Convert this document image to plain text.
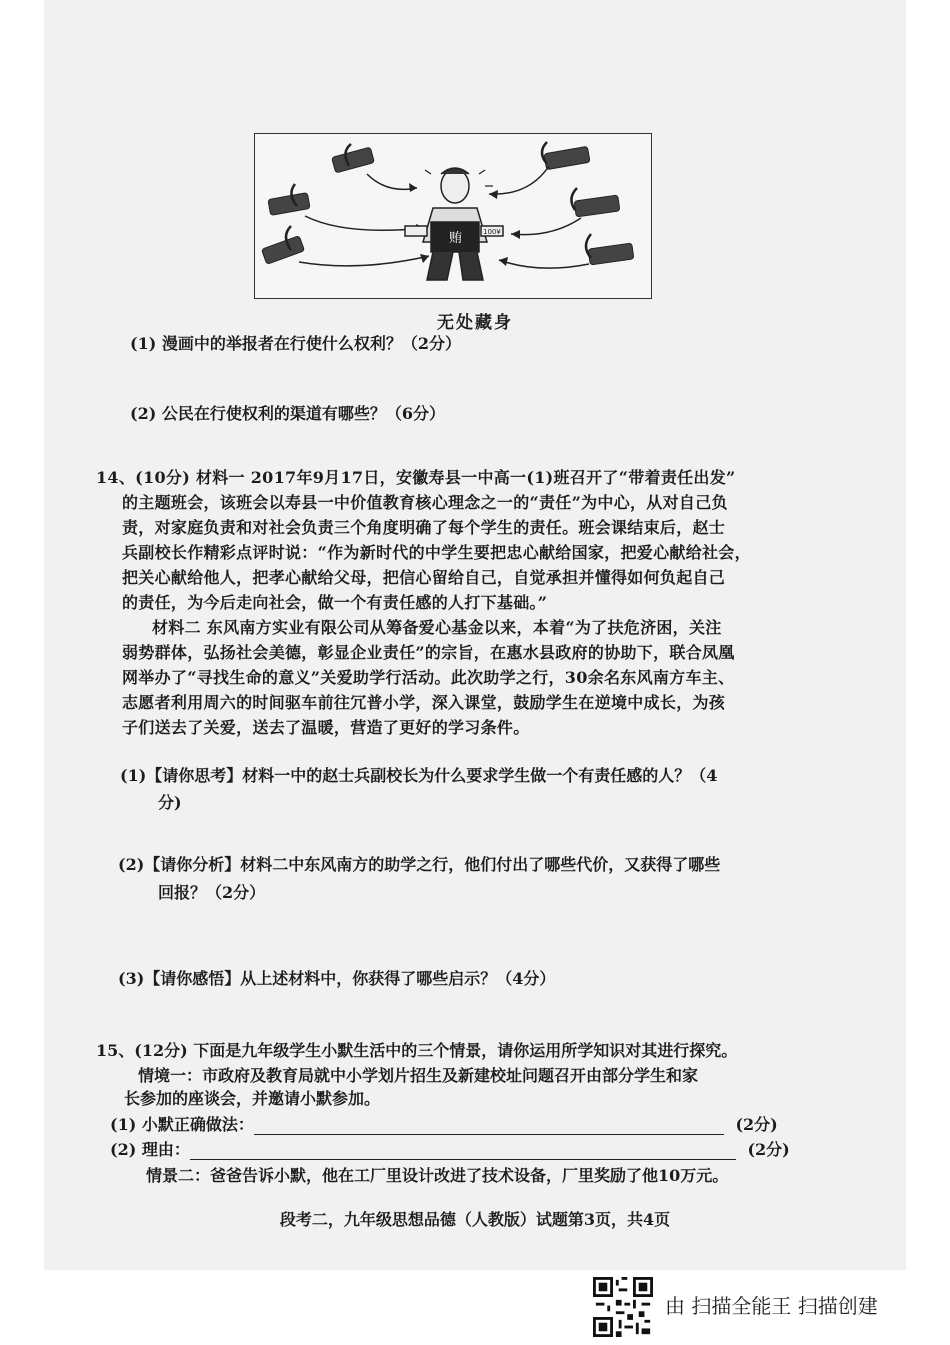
贿	100¥
无处藏身
(1) 漫画中的举报者在行使什么权利？（2分）
(2) 公民在行使权利的渠道有哪些？（6分）
14、(10分) 材料一 2017年9月17日，安徽寿县一中高一(1)班召开了“带着责任出发”
的主题班会，该班会以寿县一中价值教育核心理念之一的“责任”为中心，从对自己负
责，对家庭负责和对社会负责三个角度明确了每个学生的责任。班会课结束后，赵士
兵副校长作精彩点评时说：“作为新时代的中学生要把忠心献给国家，把爱心献给社会，
把关心献给他人，把孝心献给父母，把信心留给自己，自觉承担并懂得如何负起自己
的责任，为今后走向社会，做一个有责任感的人打下基础。”
材料二 东风南方实业有限公司从筹备爱心基金以来，本着“为了扶危济困，关注
弱势群体，弘扬社会美德，彰显企业责任”的宗旨，在惠水县政府的协助下，联合凤凰
网举办了“寻找生命的意义”关爱助学行活动。此次助学之行，30余名东风南方车主、
志愿者利用周六的时间驱车前往冗普小学，深入课堂，鼓励学生在逆境中成长，为孩
子们送去了关爱，送去了温暖，营造了更好的学习条件。
(1)【请你思考】材料一中的赵士兵副校长为什么要求学生做一个有责任感的人？（4
分)
(2)【请你分析】材料二中东风南方的助学之行，他们付出了哪些代价，又获得了哪些
回报？（2分）
(3)【请你感悟】从上述材料中，你获得了哪些启示？（4分）
15、(12分) 下面是九年级学生小默生活中的三个情景，请你运用所学知识对其进行探究。
情境一：市政府及教育局就中小学划片招生及新建校址问题召开由部分学生和家
长参加的座谈会，并邀请小默参加。
(1) 小默正确做法：	(2分)
(2) 理由：	(2分)
情景二：爸爸告诉小默，他在工厂里设计改进了技术设备，厂里奖励了他10万元。
段考二，九年级思想品德（人教版）试题第3页，共4页
由 扫描全能王 扫描创建
